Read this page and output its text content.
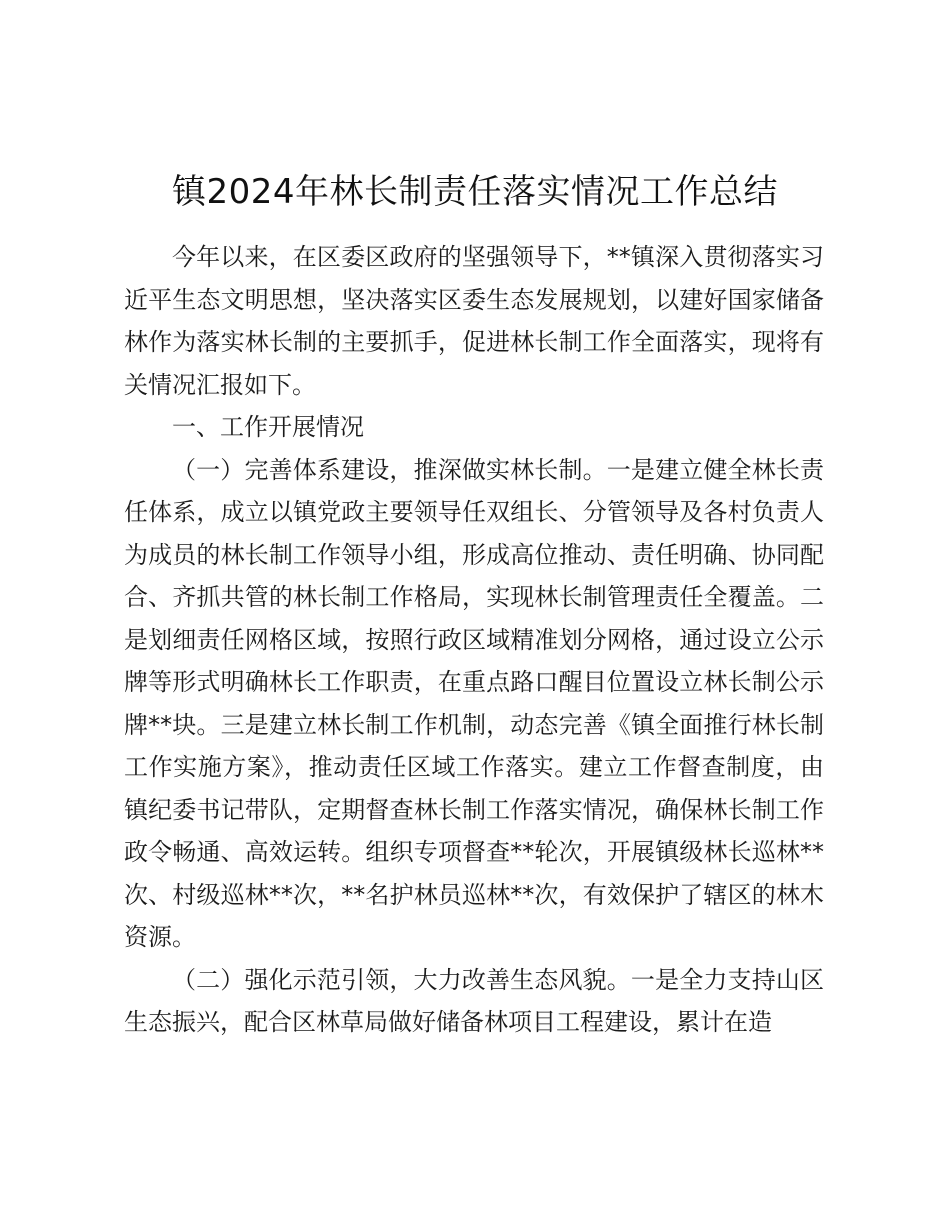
镇2024年林长制责任落实情况工作总结

今年以来，在区委区政府的坚强领导下，**镇深入贯彻落实习近平生态文明思想，坚决落实区委生态发展规划，以建好国家储备林作为落实林长制的主要抓手，促进林长制工作全面落实，现将有关情况汇报如下。

一、工作开展情况

（一）完善体系建设，推深做实林长制。一是建立健全林长责任体系，成立以镇党政主要领导任双组长、分管领导及各村负责人为成员的林长制工作领导小组，形成高位推动、责任明确、协同配合、齐抓共管的林长制工作格局，实现林长制管理责任全覆盖。二是划细责任网格区域，按照行政区域精准划分网格，通过设立公示牌等形式明确林长工作职责，在重点路口醒目位置设立林长制公示牌**块。三是建立林长制工作机制，动态完善《镇全面推行林长制工作实施方案》，推动责任区域工作落实。建立工作督查制度，由镇纪委书记带队，定期督查林长制工作落实情况，确保林长制工作政令畅通、高效运转。组织专项督查**轮次，开展镇级林长巡林**次、村级巡林**次，**名护林员巡林**次，有效保护了辖区的林木资源。

（二）强化示范引领，大力改善生态风貌。一是全力支持山区生态振兴，配合区林草局做好储备林项目工程建设，累计在造
